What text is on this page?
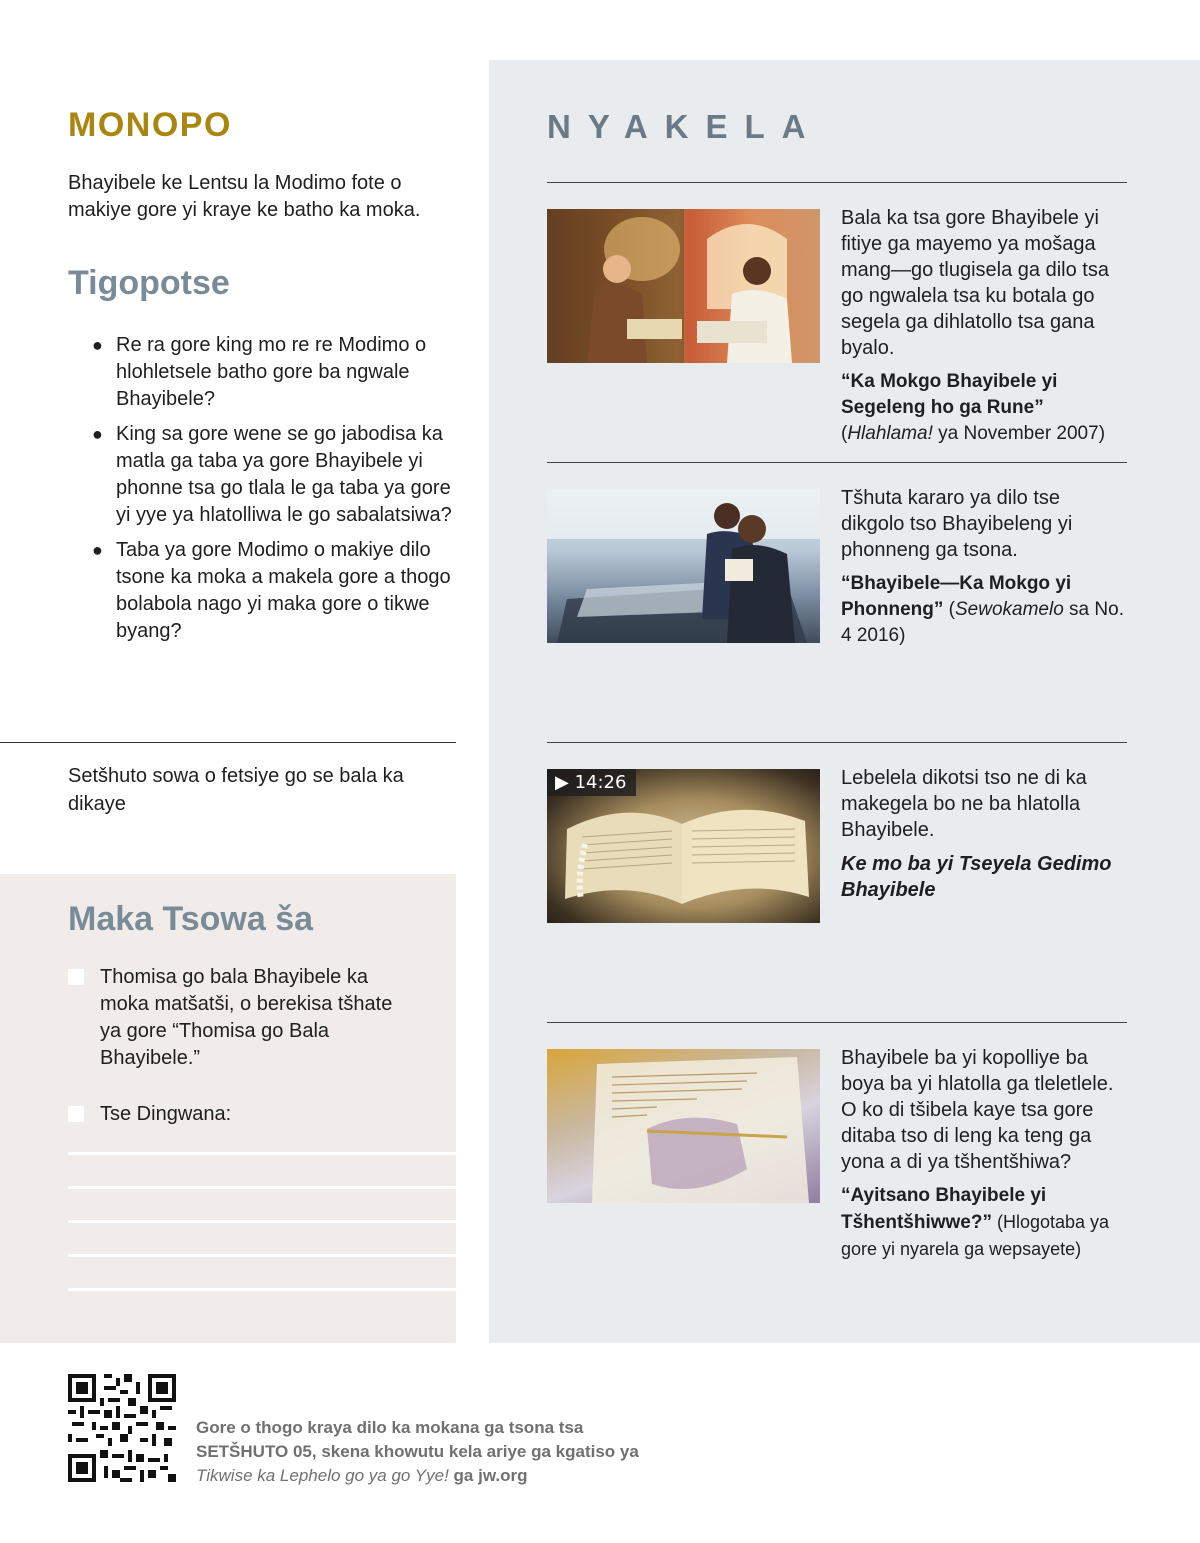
MONOPO

Bhayibele ke Lentsu la Modimo fote o makiye gore yi kraye ke batho ka moka.

Tigopotse
● Re ra gore king mo re re Modimo o hlohletsele batho gore ba ngwale Bhayibele?
● King sa gore wene se go jabodisa ka matla ga taba ya gore Bhayibele yi phonne tsa go tlala le ga taba ya gore yi yye ya hlatolliwa le go sabalatsiwa?
● Taba ya gore Modimo o makiye dilo tsone ka moka a makela gore a thogo bolabola nago yi maka gore o tikwe byang?

Setšhuto sowa o fetsiye go se bala ka dikaye

Maka Tsowa ša
Thomisa go bala Bhayibele ka moka matšatši, o berekisa tšhate ya gore “Thomisa go Bala Bhayibele.”
Tse Dingwana:
NYAKELA

Bala ka tsa gore Bhayibele yi fitiye ga mayemo ya mošaga mang—go tlugisela ga dilo tsa go ngwalela tsa ku botala go segela ga dihlatollo tsa gana byalo.

“Ka Mokgo Bhayibele yi Segeleng ho ga Rune” (Hlahlama! ya November 2007)

Tšhuta kararo ya dilo tse dikgolo tso Bhayibeleng yi phonneng ga tsona.

“Bhayibele—Ka Mokgo yi Phonneng” (Sewokamelo sa No. 4 2016)

▶ 14:26	Lebelela dikotsi tso ne di ka makegela bo ne ba hlatolla Bhayibele.

Ke mo ba yi Tseyela Gedimo Bhayibele

Bhayibele ba yi kopolliye ba boya ba yi hlatolla ga tleletlele. O ko di tšibela kaye tsa gore ditaba tso di leng ka teng ga yona a di ya tšhentšhiwa?

“Ayitsano Bhayibele yi Tšhentšhiwwe?” (Hlogotaba ya gore yi nyarela ga wepsayete)

Gore o thogo kraya dilo ka mokana ga tsona tsa SETŠHUTO 05, skena khowutu kela ariye ga kgatiso ya Tikwise ka Lephelo go ya go Yye! ga jw.org
